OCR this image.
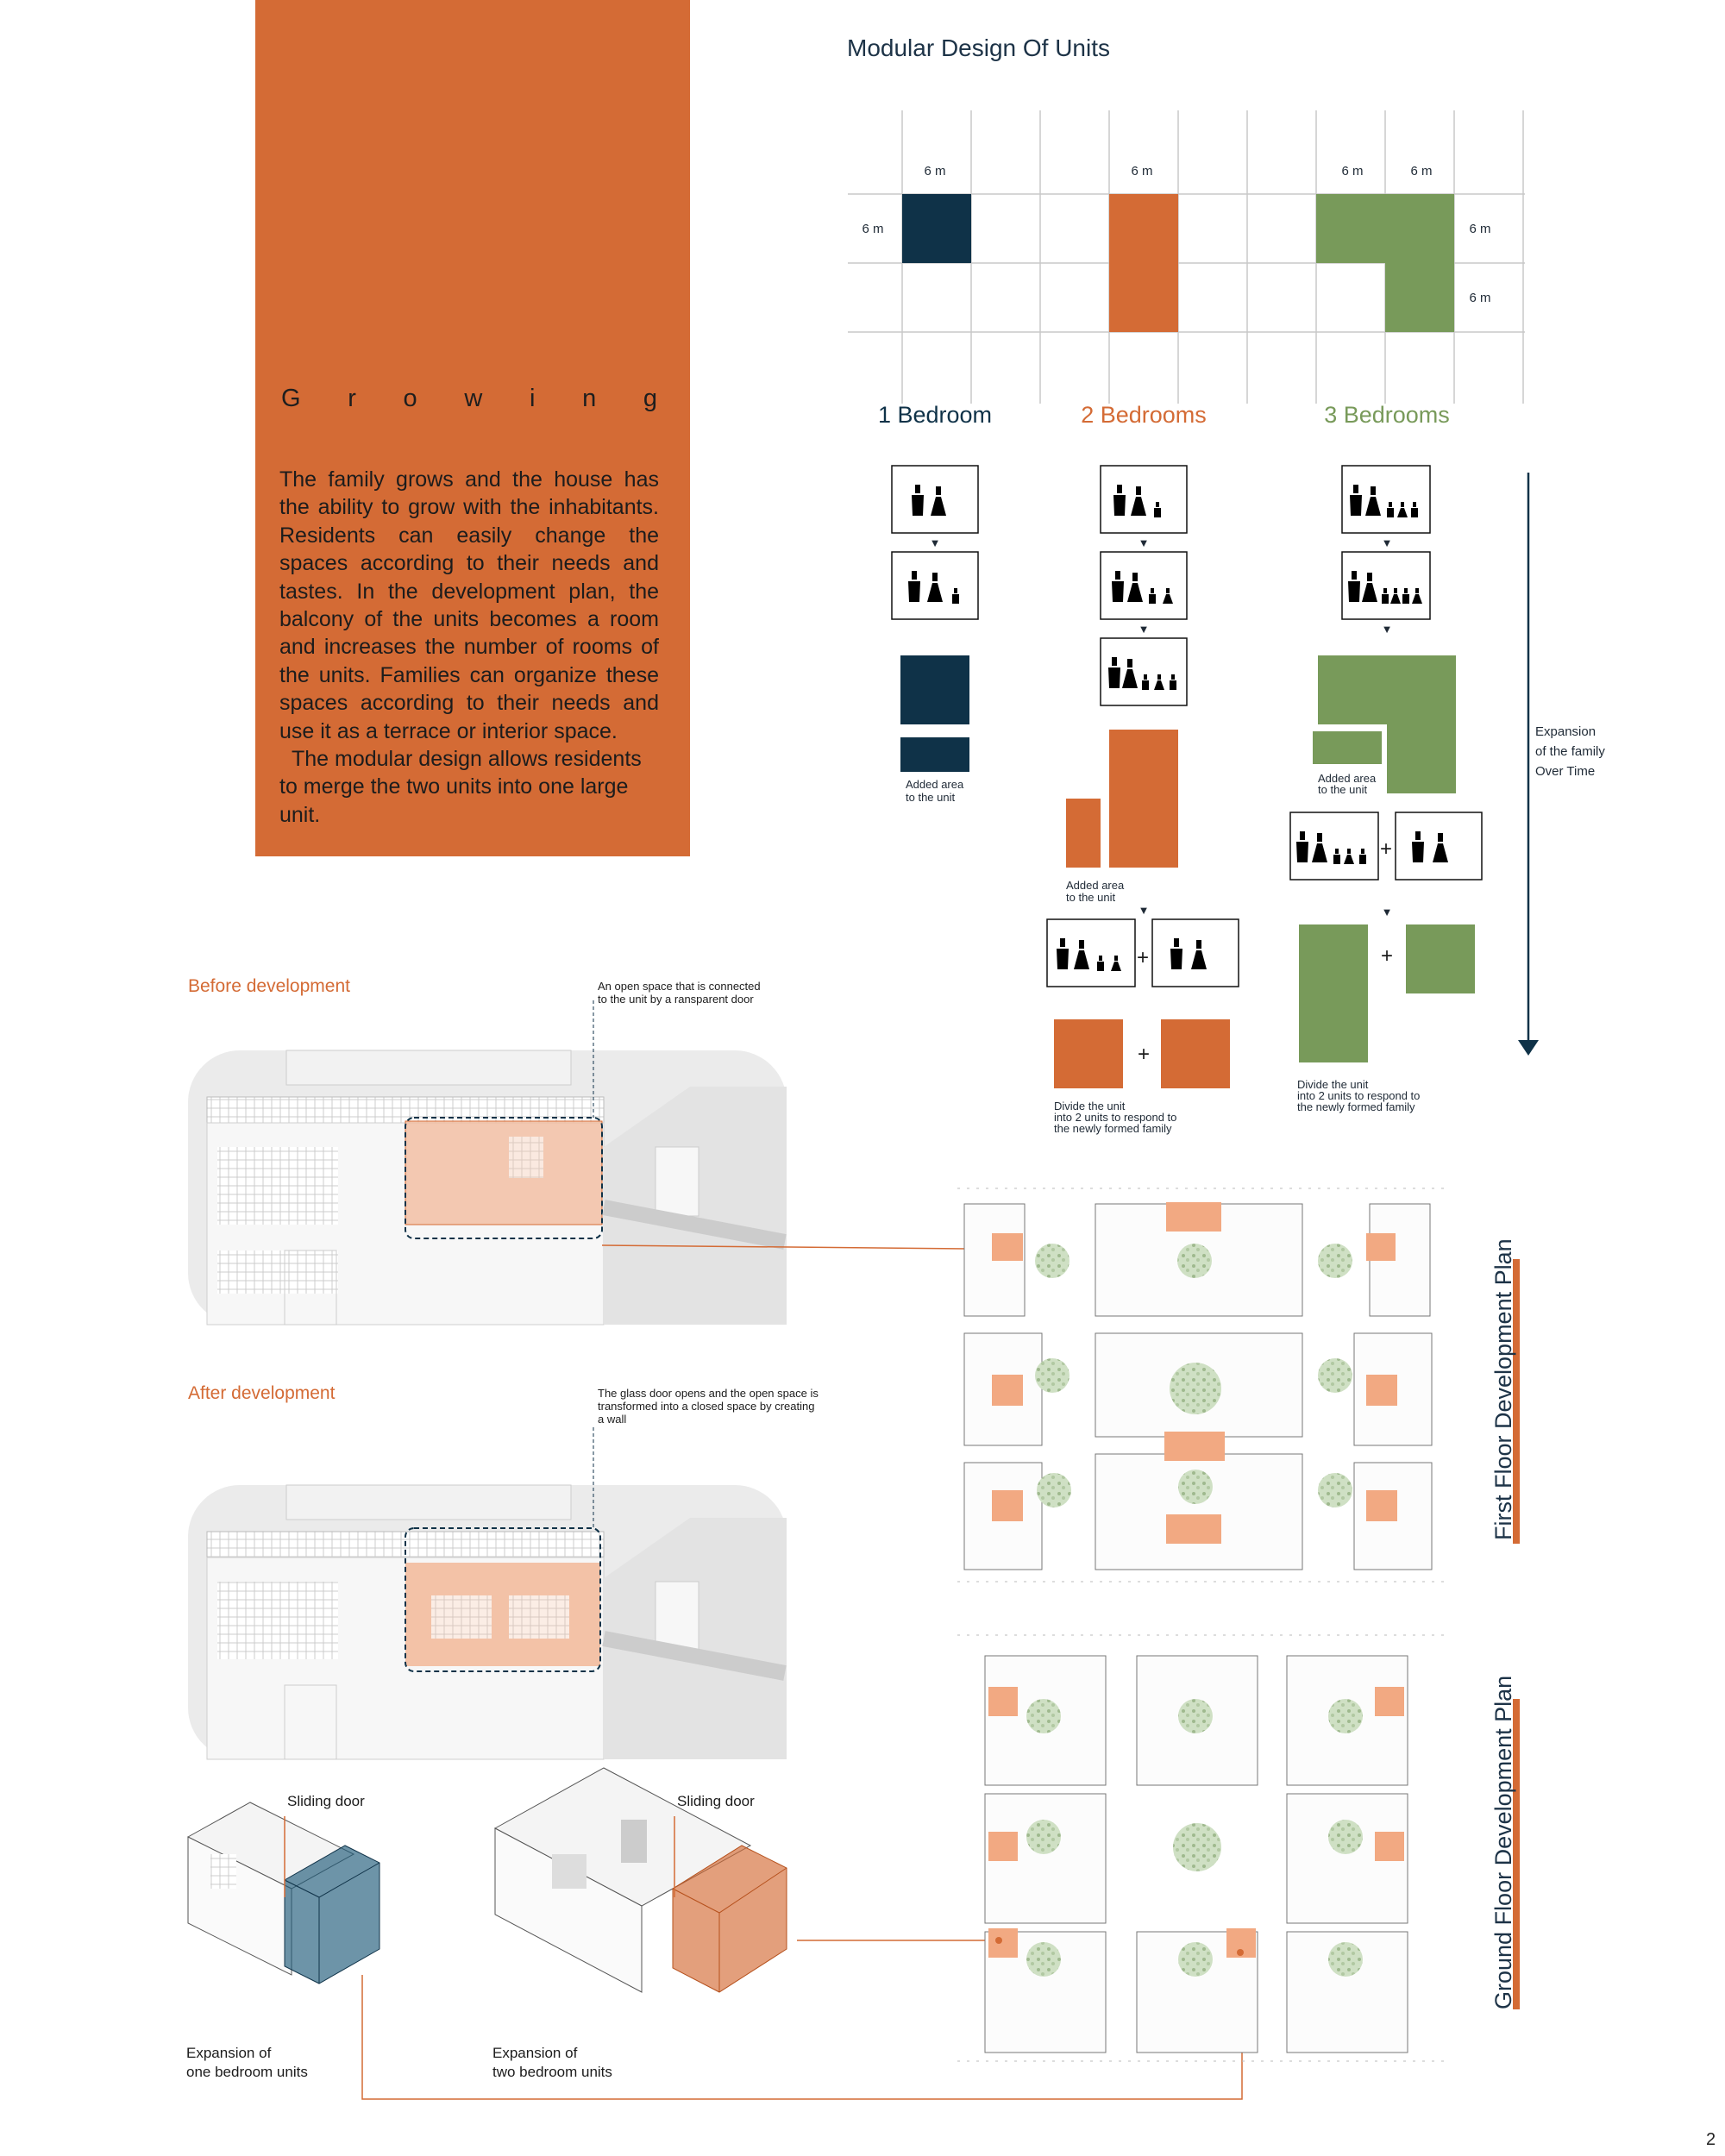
G r o w i n g

The family grows and the house has the ability to grow with the inhabitants. Residents can easily change the spaces according to their needs and tastes. In the development plan, the balcony of the units becomes a room and increases the number of rooms of the units. Families can organize these spaces according to their needs and use it as a terrace or interior space.

The modular design allows residents to merge the two units into one large unit.

Modular Design Of Units
6 m
6 m
6 m	6 m	6 m
6 m
6 m
1 Bedroom	2 Bedrooms	3 Bedrooms
▼
Added area
to the unit
▼
▼
Added area
to the unit
▼
+
+
Divide the unit
into 2 units to respond to
the newly formed family
▼
▼
Added area
to the unit
+
▼
+
Divide the unit
into 2 units to respond to
the newly formed family
Expansion
of the family
Over Time
Before development	An open space that is connected
to the unit by a ransparent door
After development	The glass door opens and the open space is
transformed into a closed space by creating
a wall
Sliding door	Sliding door
Expansion of
one bedroom units
Expansion of
two bedroom units
First Floor Development Plan
Ground Floor Development Plan
2
